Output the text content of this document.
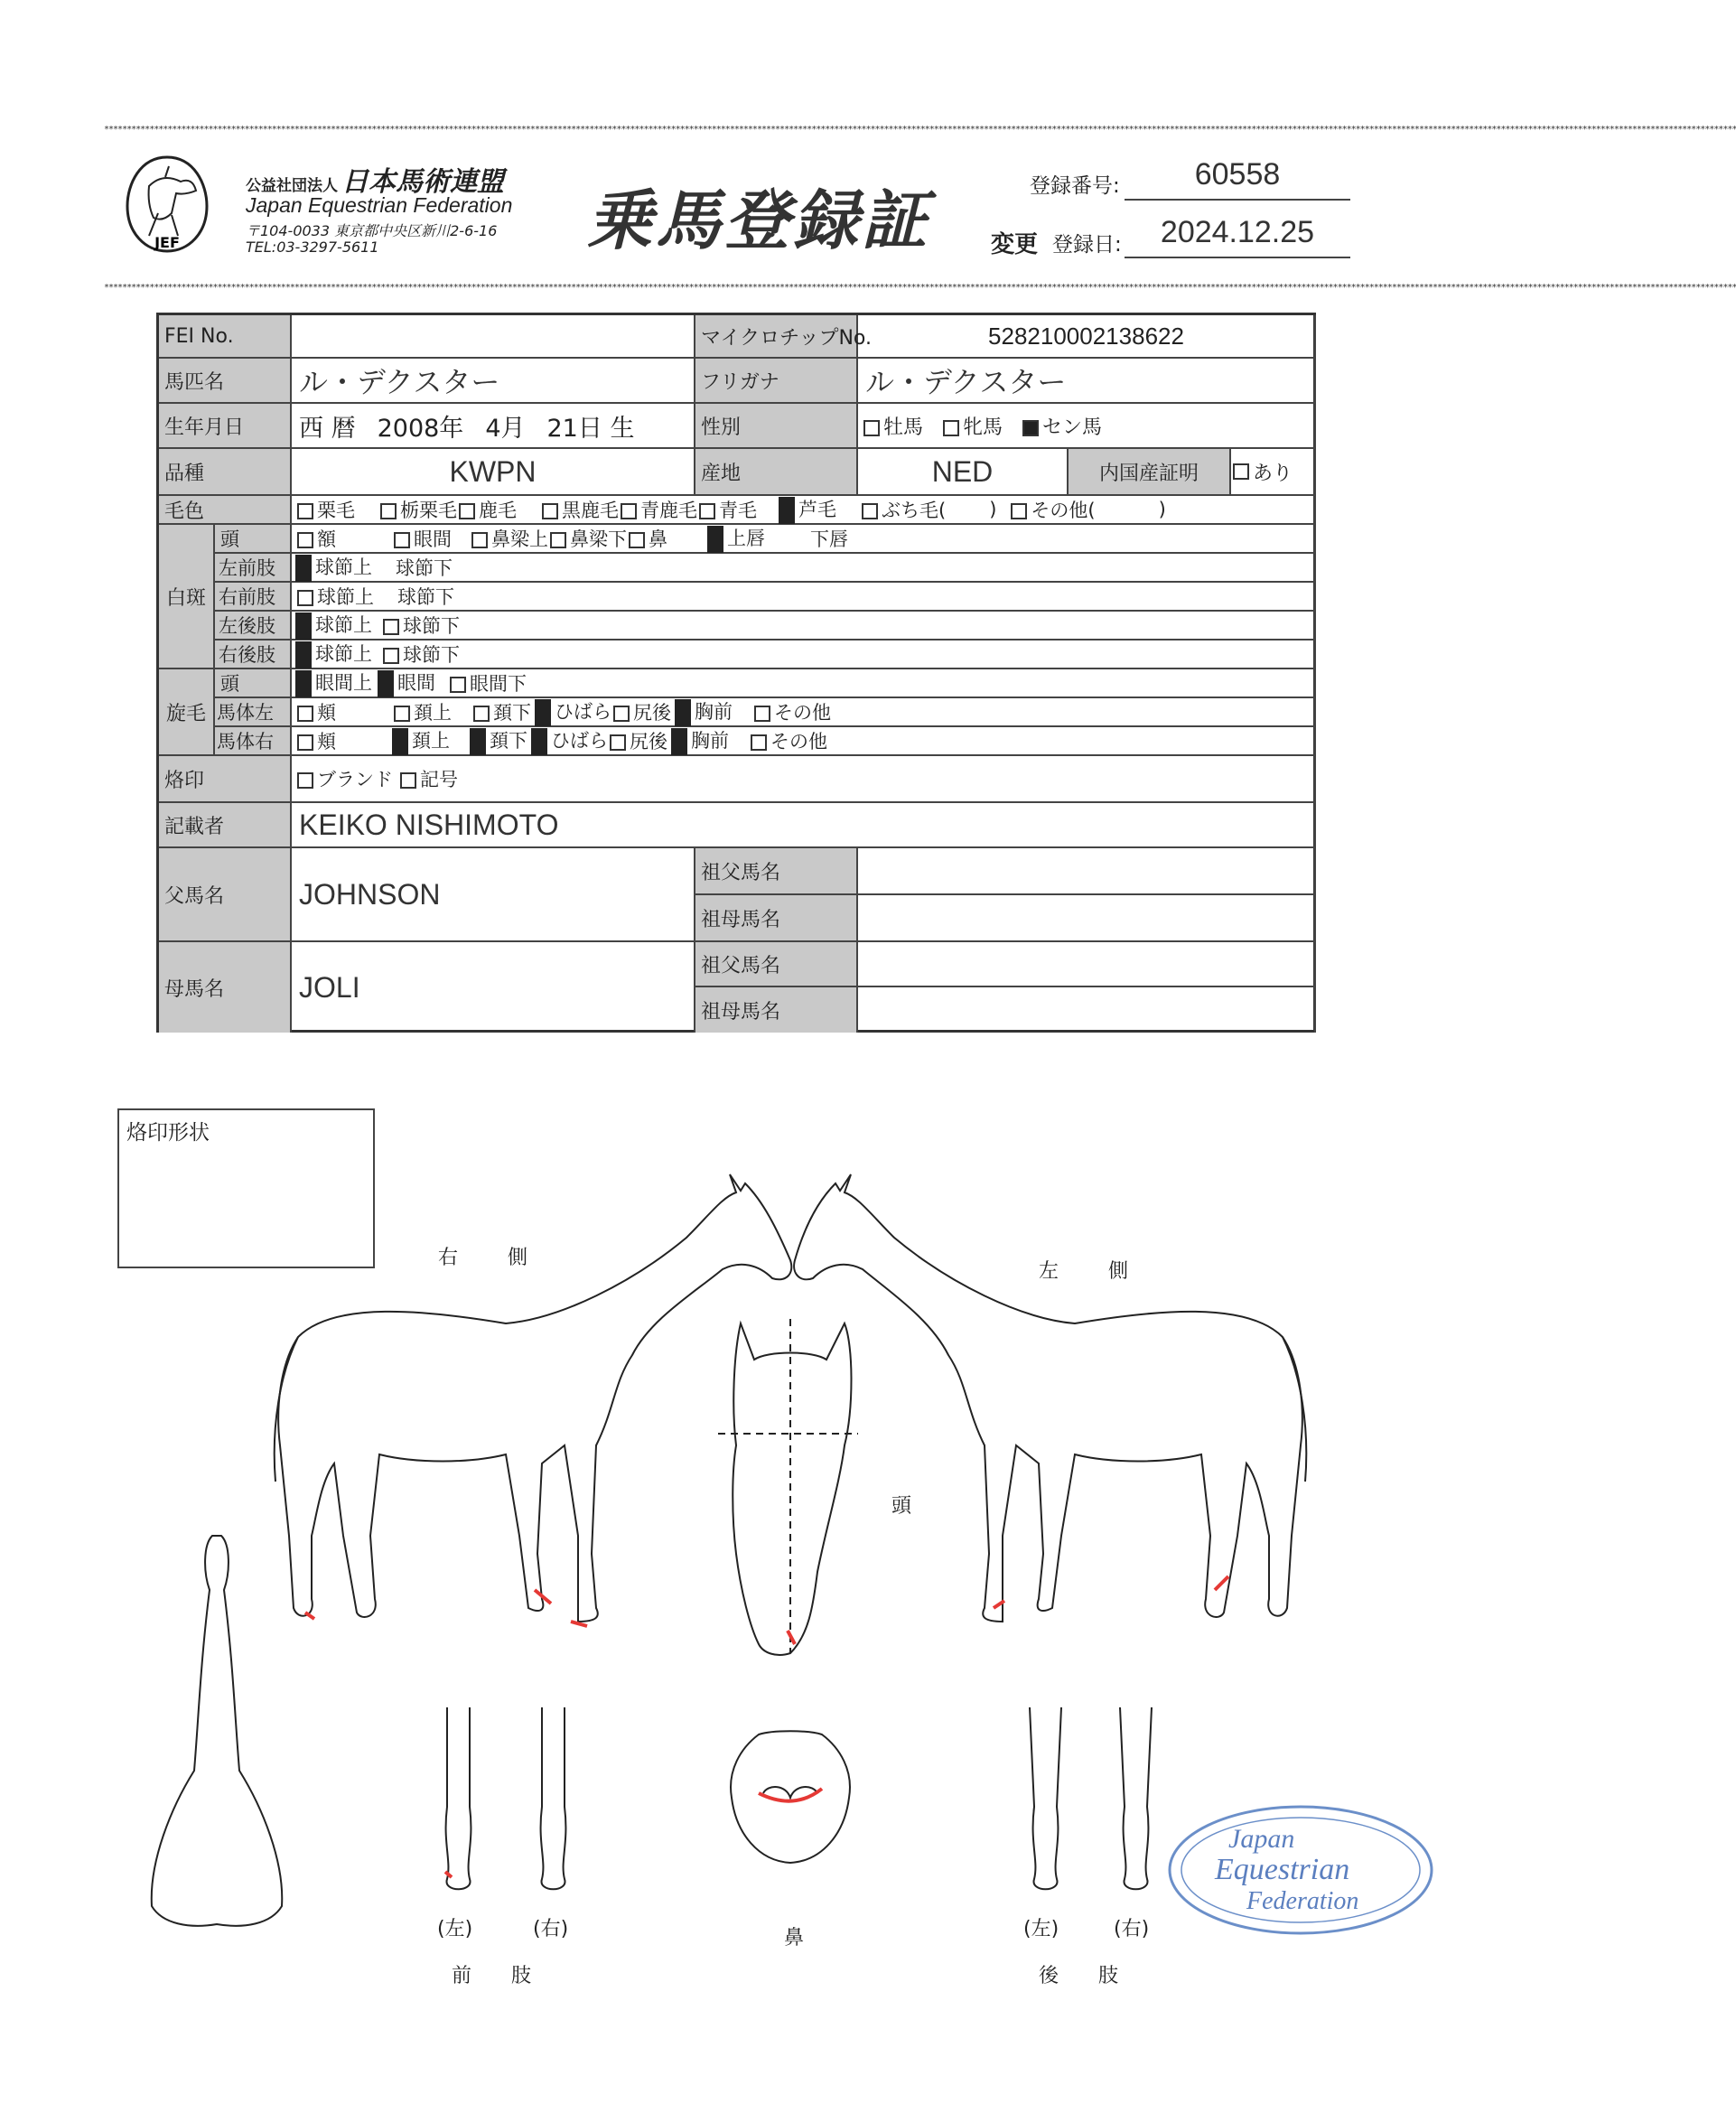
************************************************************************************************************************************************************************************************************************************************************************************************************************************************************************
************************************************************************************************************************************************************************************************************************************************************************************************************************************************************************
JEF
公益社団法人 日本馬術連盟
Japan Equestrian Federation
〒104-0033 東京都中央区新川2-6-16
TEL:03-3297-5611	乗馬登録証	登録番号:	60558
変更 登録日:	2024.12.25
FEI No.	マイクロチップNo.	528210002138622
馬匹名	ル・デクスター	フリガナ	ル・デクスター
生年月日	西 暦 2008年 4月 21日 生	性別	牡馬	牝馬	セン馬
品種	KWPN	産地	NED	内国産証明	あり
毛色	栗毛	栃栗毛	鹿毛	黒鹿毛	青鹿毛	青毛	芦毛	ぶち毛( )	その他(	)
白斑
頭	額	眼間	鼻梁上	鼻梁下	鼻	上唇 下唇
左前肢	球節上 球節下
右前肢	球節上 球節下
左後肢	球節上	球節下
右後肢	球節上	球節下
旋毛
頭	眼間上	眼間	眼間下
馬体左	頬	頚上	頚下	ひばら	尻後	胸前	その他
馬体右	頬	頚上	頚下	ひばら	尻後	胸前	その他
烙印	ブランド	記号
記載者	KEIKO NISHIMOTO
父馬名	JOHNSON
祖父馬名
祖母馬名
母馬名	JOLI
祖父馬名
祖母馬名
烙印形状
右 側
左 側
頭
鼻
(左)	(右)
前　　肢
(左)	(右)
後　　肢
Japan
Equestrian
Federation
